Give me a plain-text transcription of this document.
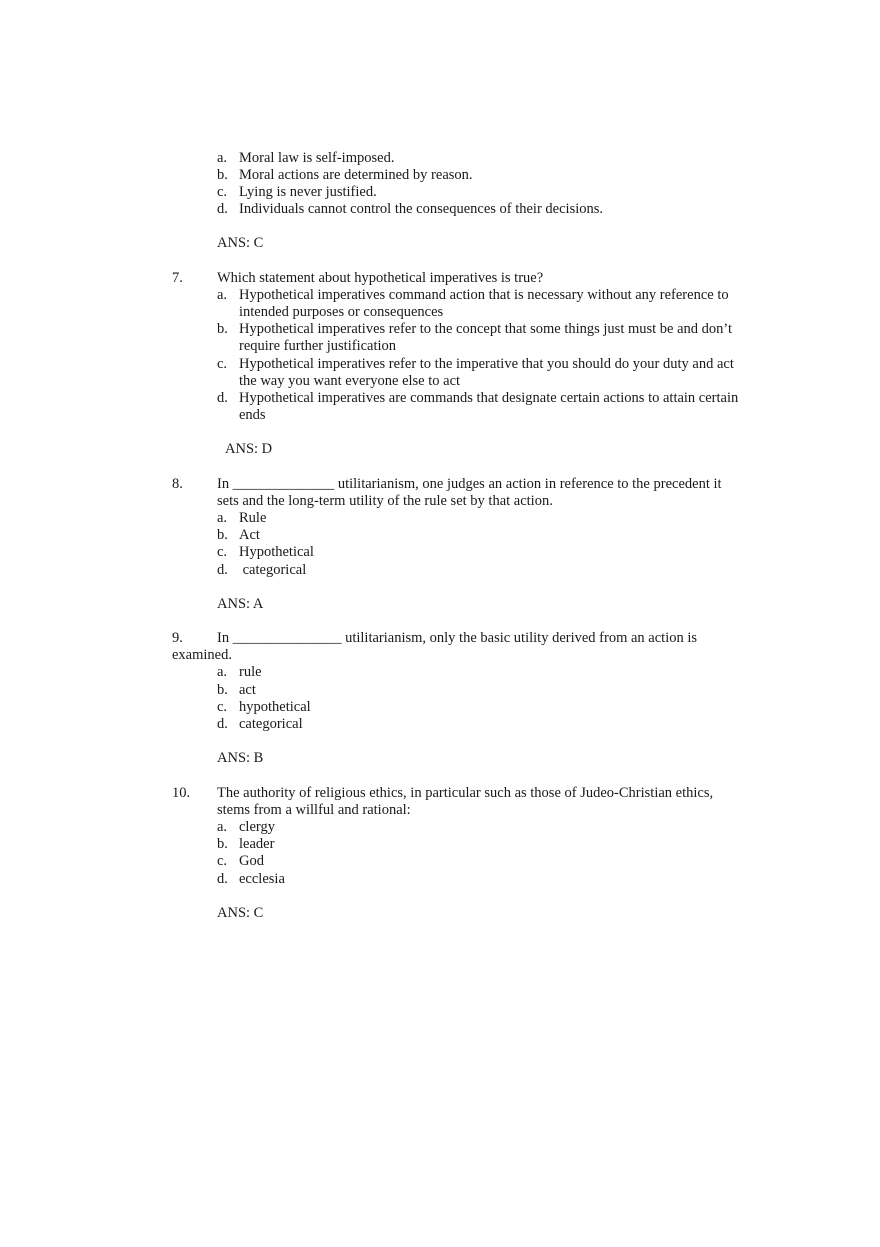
a. Moral law is self-imposed.
b. Moral actions are determined by reason.
c. Lying is never justified.
d. Individuals cannot control the consequences of their decisions.
ANS: C
7. Which statement about hypothetical imperatives is true?
a. Hypothetical imperatives command action that is necessary without any reference to
intended purposes or consequences
b. Hypothetical imperatives refer to the concept that some things just must be and don’t
require further justification
c. Hypothetical imperatives refer to the imperative that you should do your duty and act
the way you want everyone else to act
d. Hypothetical imperatives are commands that designate certain actions to attain certain
ends
ANS: D
8. In ______________ utilitarianism, one judges an action in reference to the precedent it
sets and the long-term utility of the rule set by that action.
a. Rule
b. Act
c. Hypothetical
d. categorical
ANS: A
9. In _______________ utilitarianism, only the basic utility derived from an action is
examined.
a. rule
b. act
c. hypothetical
d. categorical
ANS: B
10. The authority of religious ethics, in particular such as those of Judeo-Christian ethics,
stems from a willful and rational:
a. clergy
b. leader
c. God
d. ecclesia
ANS: C
